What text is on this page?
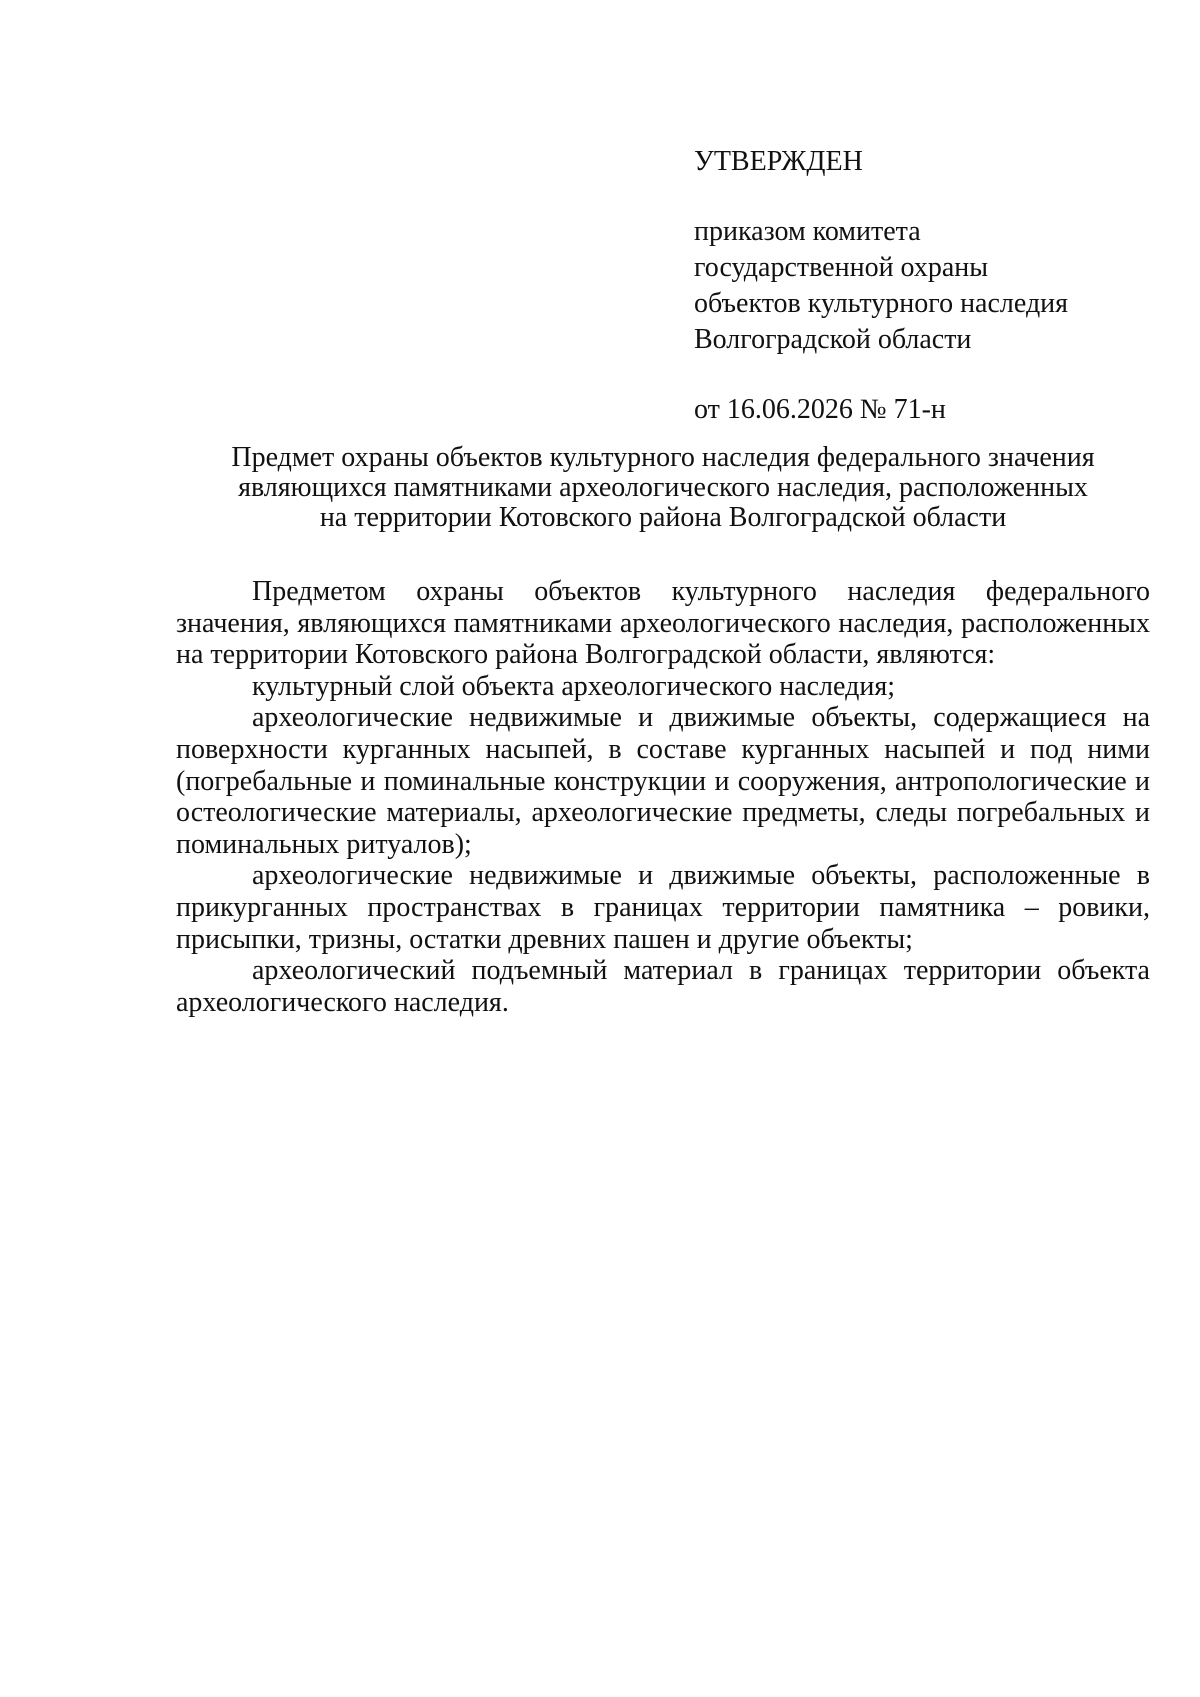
УТВЕРЖДЕН
приказом комитета
государственной охраны
объектов культурного наследия
Волгоградской области
от 16.06.2026 № 71-н
Предмет охраны объектов культурного наследия федерального значения
являющихся памятниками археологического наследия, расположенных
на территории Котовского района Волгоградской области

Предметом охраны объектов культурного наследия федерального значения, являющихся памятниками археологического наследия, расположенных на территории Котовского района Волгоградской области, являются:

культурный слой объекта археологического наследия;

археологические недвижимые и движимые объекты, содержащиеся на поверхности курганных насыпей, в составе курганных насыпей и под ними (погребальные и поминальные конструкции и сооружения, антропологические и остеологические материалы, археологические предметы, следы погребальных и поминальных ритуалов);

археологические недвижимые и движимые объекты, расположенные в прикурганных пространствах в границах территории памятника – ровики, присыпки, тризны, остатки древних пашен и другие объекты;

археологический подъемный материал в границах территории объекта археологического наследия.
